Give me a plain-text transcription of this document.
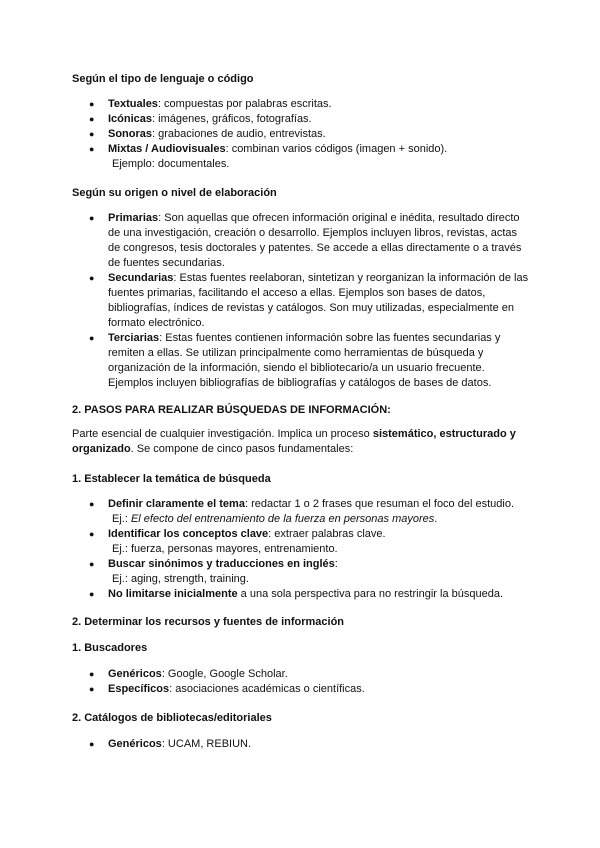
Según el tipo de lenguaje o código
● Textuales: compuestas por palabras escritas.
● Icónicas: imágenes, gráficos, fotografías.
● Sonoras: grabaciones de audio, entrevistas.
● Mixtas / Audiovisuales: combinan varios códigos (imagen + sonido).
Ejemplo: documentales.
Según su origen o nivel de elaboración
● Primarias: Son aquellas que ofrecen información original e inédita, resultado directo de una investigación, creación o desarrollo. Ejemplos incluyen libros, revistas, actas de congresos, tesis doctorales y patentes. Se accede a ellas directamente o a través de fuentes secundarias.
● Secundarias: Estas fuentes reelaboran, sintetizan y reorganizan la información de las fuentes primarias, facilitando el acceso a ellas. Ejemplos son bases de datos, bibliografías, índices de revistas y catálogos. Son muy utilizadas, especialmente en formato electrónico.
● Terciarias: Estas fuentes contienen información sobre las fuentes secundarias y remiten a ellas. Se utilizan principalmente como herramientas de búsqueda y organización de la información, siendo el bibliotecario/a un usuario frecuente. Ejemplos incluyen bibliografías de bibliografías y catálogos de bases de datos.
2. PASOS PARA REALIZAR BÚSQUEDAS DE INFORMACIÓN:
Parte esencial de cualquier investigación. Implica un proceso sistemático, estructurado y organizado. Se compone de cinco pasos fundamentales:
1. Establecer la temática de búsqueda
● Definir claramente el tema: redactar 1 o 2 frases que resuman el foco del estudio.
Ej.: El efecto del entrenamiento de la fuerza en personas mayores.
● Identificar los conceptos clave: extraer palabras clave.
Ej.: fuerza, personas mayores, entrenamiento.
● Buscar sinónimos y traducciones en inglés:
Ej.: aging, strength, training.
● No limitarse inicialmente a una sola perspectiva para no restringir la búsqueda.
2. Determinar los recursos y fuentes de información
1. Buscadores
● Genéricos: Google, Google Scholar.
● Específicos: asociaciones académicas o científicas.
2. Catálogos de bibliotecas/editoriales
● Genéricos: UCAM, REBIUN.
